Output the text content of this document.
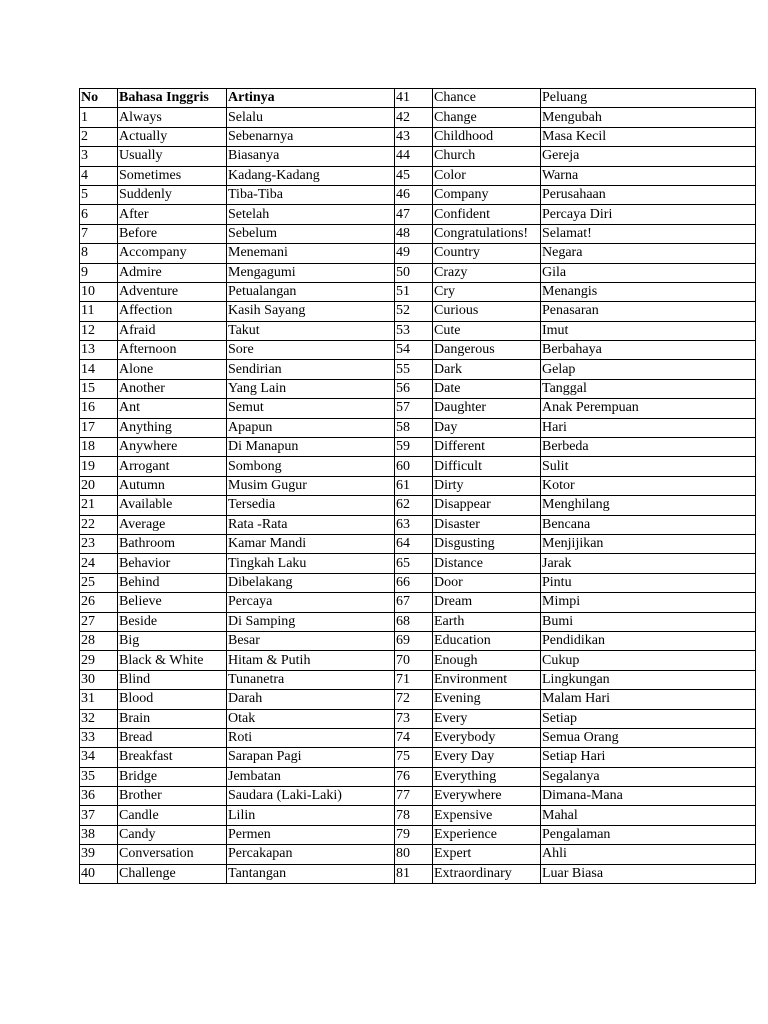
No	Bahasa Inggris	Artinya	41	Chance	Peluang
1	Always	Selalu	42	Change	Mengubah
2	Actually	Sebenarnya	43	Childhood	Masa Kecil
3	Usually	Biasanya	44	Church	Gereja
4	Sometimes	Kadang-Kadang	45	Color	Warna
5	Suddenly	Tiba-Tiba	46	Company	Perusahaan
6	After	Setelah	47	Confident	Percaya Diri
7	Before	Sebelum	48	Congratulations!	Selamat!
8	Accompany	Menemani	49	Country	Negara
9	Admire	Mengagumi	50	Crazy	Gila
10	Adventure	Petualangan	51	Cry	Menangis
11	Affection	Kasih Sayang	52	Curious	Penasaran
12	Afraid	Takut	53	Cute	Imut
13	Afternoon	Sore	54	Dangerous	Berbahaya
14	Alone	Sendirian	55	Dark	Gelap
15	Another	Yang Lain	56	Date	Tanggal
16	Ant	Semut	57	Daughter	Anak Perempuan
17	Anything	Apapun	58	Day	Hari
18	Anywhere	Di Manapun	59	Different	Berbeda
19	Arrogant	Sombong	60	Difficult	Sulit
20	Autumn	Musim Gugur	61	Dirty	Kotor
21	Available	Tersedia	62	Disappear	Menghilang
22	Average	Rata -Rata	63	Disaster	Bencana
23	Bathroom	Kamar Mandi	64	Disgusting	Menjijikan
24	Behavior	Tingkah Laku	65	Distance	Jarak
25	Behind	Dibelakang	66	Door	Pintu
26	Believe	Percaya	67	Dream	Mimpi
27	Beside	Di Samping	68	Earth	Bumi
28	Big	Besar	69	Education	Pendidikan
29	Black & White	Hitam & Putih	70	Enough	Cukup
30	Blind	Tunanetra	71	Environment	Lingkungan
31	Blood	Darah	72	Evening	Malam Hari
32	Brain	Otak	73	Every	Setiap
33	Bread	Roti	74	Everybody	Semua Orang
34	Breakfast	Sarapan Pagi	75	Every Day	Setiap Hari
35	Bridge	Jembatan	76	Everything	Segalanya
36	Brother	Saudara (Laki-Laki)	77	Everywhere	Dimana-Mana
37	Candle	Lilin	78	Expensive	Mahal
38	Candy	Permen	79	Experience	Pengalaman
39	Conversation	Percakapan	80	Expert	Ahli
40	Challenge	Tantangan	81	Extraordinary	Luar Biasa
